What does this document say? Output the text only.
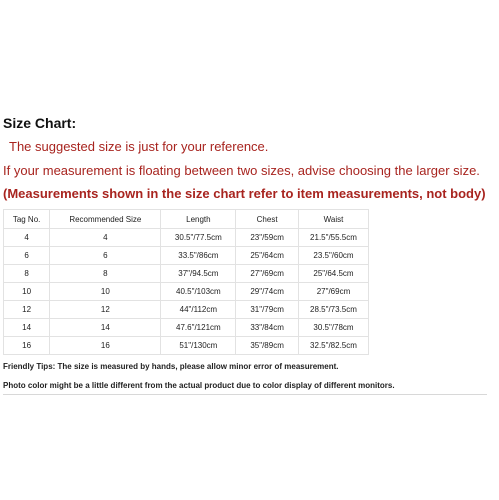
Size Chart:
The suggested size is just for your reference.
If your measurement is floating between two sizes, advise choosing the larger size.
(Measurements shown in the size chart refer to item measurements, not body)
Tag No.	Recommended Size	Length	Chest	Waist
4	4	30.5"/77.5cm	23"/59cm	21.5"/55.5cm
6	6	33.5"/86cm	25"/64cm	23.5"/60cm
8	8	37"/94.5cm	27"/69cm	25"/64.5cm
10	10	40.5"/103cm	29"/74cm	27"/69cm
12	12	44"/112cm	31"/79cm	28.5"/73.5cm
14	14	47.6"/121cm	33"/84cm	30.5"/78cm
16	16	51"/130cm	35"/89cm	32.5"/82.5cm
Friendly Tips: The size is measured by hands, please allow minor error of measurement.
Photo color might be a little different from the actual product due to color display of different monitors.
